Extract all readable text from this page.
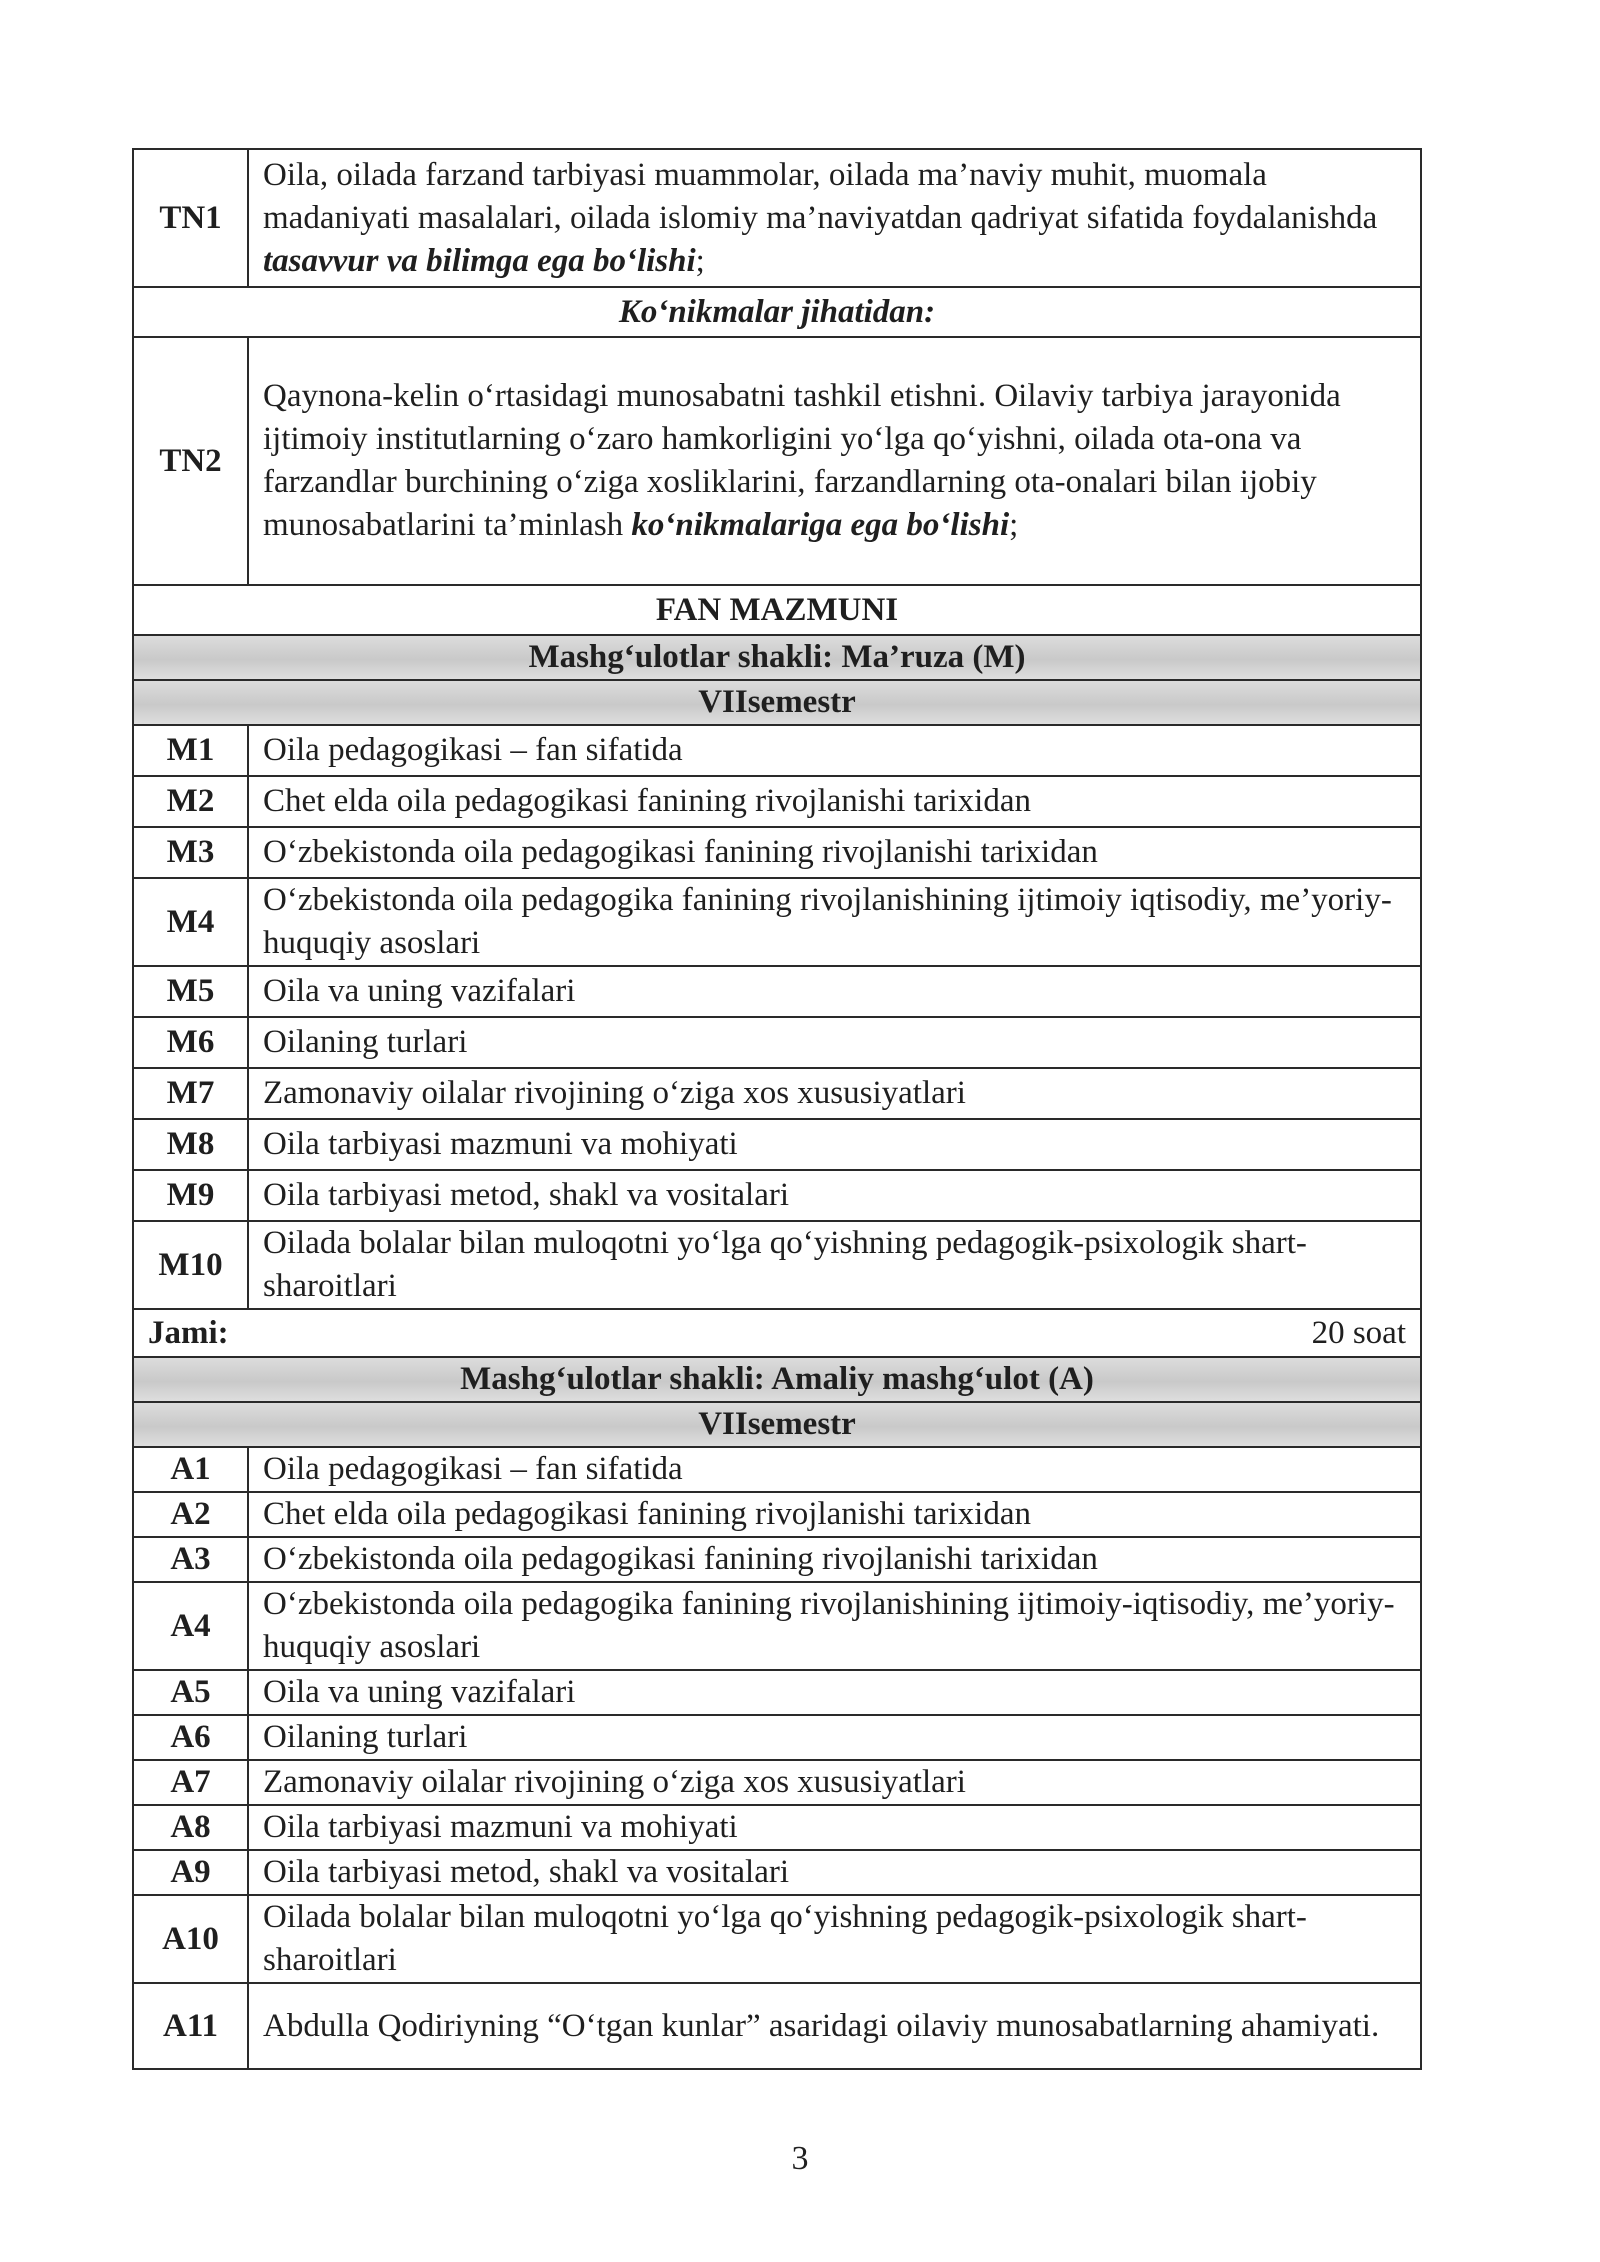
TN1	Oila, oilada farzand tarbiyasi muammolar, oilada ma’naviy muhit, muomala madaniyati masalalari, oilada islomiy ma’naviyatdan qadriyat sifatida foydalanishda tasavvur va bilimga ega bo‘lishi;
Ko‘nikmalar jihatidan:	
TN2	Qaynona-kelin o‘rtasidagi munosabatni tashkil etishni. Oilaviy tarbiya jarayonida ijtimoiy institutlarning o‘zaro hamkorligini yo‘lga qo‘yishni, oilada ota-ona va farzandlar burchining o‘ziga xosliklarini, farzandlarning ota-onalari bilan ijobiy munosabatlarini ta’minlash ko‘nikmalariga ega bo‘lishi;
FAN MAZMUNI	
Mashg‘ulotlar shakli: Ma’ruza (M)	
VIIsemestr	
M1	Oila pedagogikasi – fan sifatida
M2	Chet elda oila pedagogikasi fanining rivojlanishi tarixidan
M3	O‘zbekistonda oila pedagogikasi fanining rivojlanishi tarixidan
M4	O‘zbekistonda oila pedagogika fanining rivojlanishining ijtimoiy iqtisodiy, me’yoriy-huquqiy asoslari
M5	Oila va uning vazifalari
M6	Oilaning turlari
M7	Zamonaviy oilalar rivojining o‘ziga xos xususiyatlari
M8	Oila tarbiyasi mazmuni va mohiyati
M9	Oila tarbiyasi metod, shakl va vositalari
M10	Oilada bolalar bilan muloqotni yo‘lga qo‘yishning pedagogik-psixologik shart-sharoitlari
Jami:	20 soat
Mashg‘ulotlar shakli: Amaliy mashg‘ulot (A)	
VIIsemestr	
A1	Oila pedagogikasi – fan sifatida
A2	Chet elda oila pedagogikasi fanining rivojlanishi tarixidan
A3	O‘zbekistonda oila pedagogikasi fanining rivojlanishi tarixidan
A4	O‘zbekistonda oila pedagogika fanining rivojlanishining ijtimoiy-iqtisodiy, me’yoriy-huquqiy asoslari
A5	Oila va uning vazifalari
A6	Oilaning turlari
A7	Zamonaviy oilalar rivojining o‘ziga xos xususiyatlari
A8	Oila tarbiyasi mazmuni va mohiyati
A9	Oila tarbiyasi metod, shakl va vositalari
A10	Oilada bolalar bilan muloqotni yo‘lga qo‘yishning pedagogik-psixologik shart-sharoitlari
A11	Abdulla Qodiriyning “O‘tgan kunlar” asaridagi oilaviy munosabatlarning ahamiyati.
3
